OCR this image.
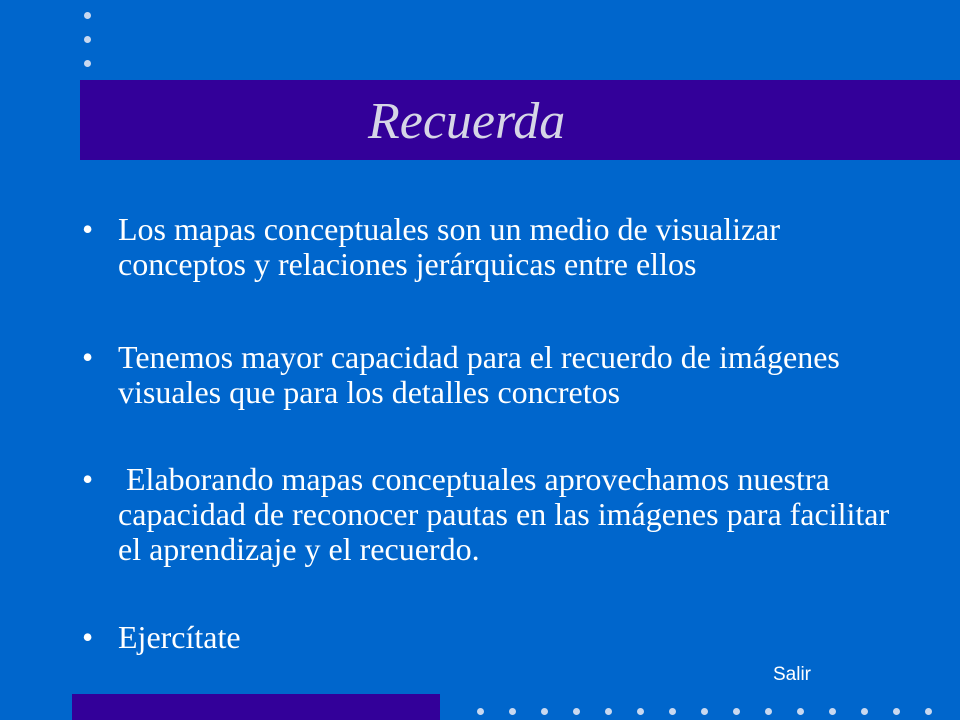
Recuerda
• Los mapas conceptuales son un medio de visualizar conceptos y relaciones jerárquicas entre ellos
• Tenemos mayor capacidad para el recuerdo de imágenes visuales que para los detalles concretos
• Elaborando mapas conceptuales aprovechamos nuestra capacidad de reconocer pautas en las imágenes para facilitar el aprendizaje y el recuerdo.
• Ejercítate
Salir
